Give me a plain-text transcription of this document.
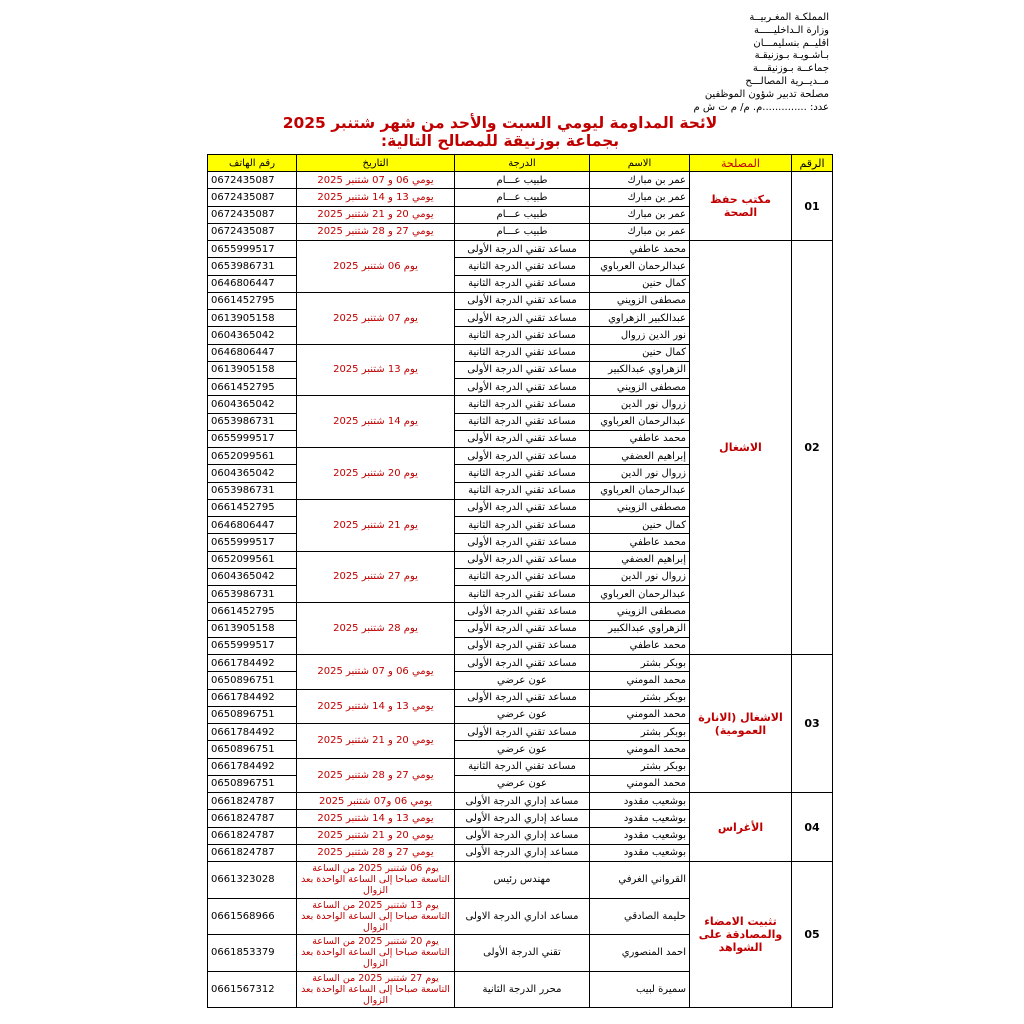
المملكـة المغـربيــة
وزارة الـداخليـــــة
اقليــم بنسليمـــان
بـاشـويـة بـوزنيقـة
جماعــة بـوزنيقـــة
مــديــرية المصالـــح
مصلحة تدبير شؤون الموظفين
عدد: ..............م. م/ م ت ش م
لائحة المداومة ليومي السبت والأحد من شهر شتنبر 2025
بجماعة بوزنيقة للمصالح التالية:
الرقم	المصلحة	الاسم	الدرجة	التاريخ	رقم الهاتف
01	مكتب حفظ الصحة	عمر بن مبارك	طبيب عـــام	يومي 06 و 07 شتنبر 2025	0672435087
		عمر بن مبارك	طبيب عـــام	يومي 13 و 14 شتنبر 2025	0672435087
		عمر بن مبارك	طبيب عـــام	يومي 20 و 21 شتنبر 2025	0672435087
		عمر بن مبارك	طبيب عـــام	يومي 27 و 28 شتنبر 2025	0672435087
02	الاشغال	محمد عاطفي	مساعد تقني الدرجة الأولى	يوم 06 شتنبر 2025	0655999517
		عبدالرحمان العرباوي	مساعد تقني الدرجة الثانية		0653986731
		كمال حنين	مساعد تقني الدرجة الثانية		0646806447
		مصطفى الزويني	مساعد تقني الدرجة الأولى	يوم 07 شتنبر 2025	0661452795
		عبدالكبير الزهراوي	مساعد تقني الدرجة الأولى		0613905158
		نور الدين زروال	مساعد تقني الدرجة الثانية		0604365042
		كمال حنين	مساعد تقني الدرجة الثانية	يوم 13 شتنبر 2025	0646806447
		الزهراوي عبدالكبير	مساعد تقني الدرجة الأولى		0613905158
		مصطفى الزويني	مساعد تقني الدرجة الأولى		0661452795
		زروال نور الدين	مساعد تقني الدرجة الثانية	يوم 14 شتنبر 2025	0604365042
		عبدالرحمان العرباوي	مساعد تقني الدرجة الثانية		0653986731
		محمد عاطفي	مساعد تقني الدرجة الأولى		0655999517
		إبراهيم العضفي	مساعد تقني الدرجة الأولى	يوم 20 شتنبر 2025	0652099561
		زروال نور الدين	مساعد تقني الدرجة الثانية		0604365042
		عبدالرحمان العرباوي	مساعد تقني الدرجة الثانية		0653986731
		مصطفى الزويني	مساعد تقني الدرجة الأولى	يوم 21 شتنبر 2025	0661452795
		كمال حنين	مساعد تقني الدرجة الثانية		0646806447
		محمد عاطفي	مساعد تقني الدرجة الأولى		0655999517
		إبراهيم العضفي	مساعد تقني الدرجة الأولى	يوم 27 شتنبر 2025	0652099561
		زروال نور الدين	مساعد تقني الدرجة الثانية		0604365042
		عبدالرحمان العرباوي	مساعد تقني الدرجة الثانية		0653986731
		مصطفى الزويني	مساعد تقني الدرجة الأولى	يوم 28 شتنبر 2025	0661452795
		الزهراوي عبدالكبير	مساعد تقني الدرجة الأولى		0613905158
		محمد عاطفي	مساعد تقني الدرجة الأولى		0655999517
03	الاشغال (الانارة العمومية)	بوبكر بشتر	مساعد تقني الدرجة الأولى	يومي 06 و 07 شتنبر 2025	0661784492
		محمد المومني	عون عرضي		0650896751
		بوبكر بشتر	مساعد تقني الدرجة الأولى	يومي 13 و 14 شتنبر 2025	0661784492
		محمد المومني	عون عرضي		0650896751
		بوبكر بشتر	مساعد تقني الدرجة الأولى	يومي 20 و 21 شتنبر 2025	0661784492
		محمد المومني	عون عرضي		0650896751
		بوبكر بشتر	مساعد تقني الدرجة الثانية	يومي 27 و 28 شتنبر 2025	0661784492
		محمد المومني	عون عرضي		0650896751
04	الأغراس	بوشعيب مقدود	مساعد إداري الدرجة الأولى	يومي 06 و07 شتنبر 2025	0661824787
		بوشعيب مقدود	مساعد إداري الدرجة الأولى	يومي 13 و 14 شتنبر 2025	0661824787
		بوشعيب مقدود	مساعد إداري الدرجة الأولى	يومي 20 و 21 شتنبر 2025	0661824787
		بوشعيب مقدود	مساعد إداري الدرجة الأولى	يومي 27 و 28 شتنبر 2025	0661824787
05	تثبيت الامضاء والمصادقة على الشواهد	القرواني الغرفي	مهندس رئيس	يوم 06 شتنبر 2025 من الساعة التاسعة صباحا إلى الساعة الواحدة بعد الزوال	0661323028
		حليمة الصادقي	مساعد اداري الدرجة الاولى	يوم 13 شتنبر 2025 من الساعة التاسعة صباحا إلى الساعة الواحدة بعد الزوال	0661568966
		احمد المنصوري	تقني الدرجة الأولى	يوم 20 شتنبر 2025 من الساعة التاسعة صباحا إلى الساعة الواحدة بعد الزوال	0661853379
		سميرة لبيب	محرر الدرجة الثانية	يوم 27 شتنبر 2025 من الساعة التاسعة صباحا إلى الساعة الواحدة بعد الزوال	0661567312
